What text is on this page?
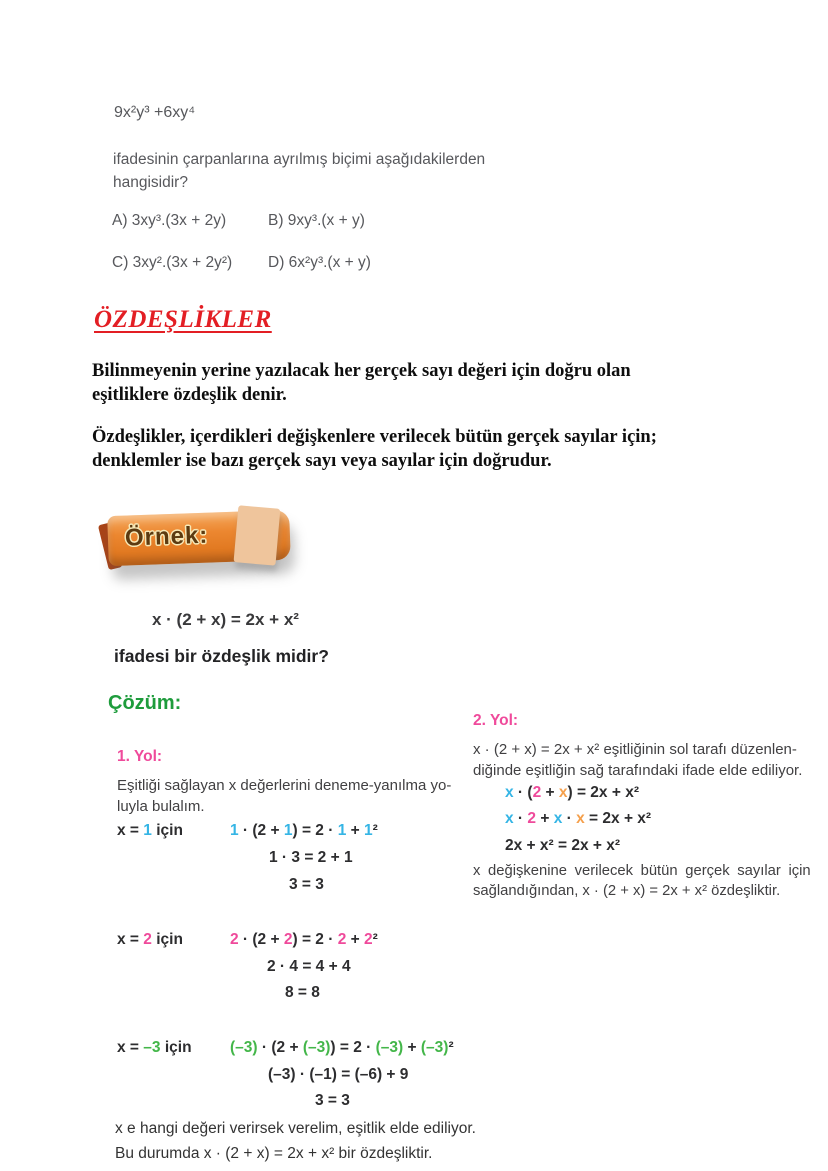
9x²y³ +6xy⁴
ifadesinin çarpanlarına ayrılmış biçimi aşağıdakilerden
hangisidir?
A) 3xy³.(3x + 2y)	B) 9xy³.(x + y)
C) 3xy².(3x + 2y²)	D) 6x²y³.(x + y)
ÖZDEŞLİKLER
Bilinmeyenin yerine yazılacak her gerçek sayı değeri için doğru olan
eşitliklere özdeşlik denir.
Özdeşlikler, içerdikleri değişkenlere verilecek bütün gerçek sayılar için;
denklemler ise bazı gerçek sayı veya sayılar için doğrudur.
Örnek:
x · (2 + x) = 2x + x²
ifadesi bir özdeşlik midir?
Çözüm:
1. Yol:
Eşitliği sağlayan x değerlerini deneme-yanılma yo-
luyla bulalım.
x = 1 için	1 · (2 + 1) = 2 · 1 + 1²
1 · 3 = 2 + 1
3 = 3
x = 2 için	2 · (2 + 2) = 2 · 2 + 2²
2 · 4 = 4 + 4
8 = 8
x = –3 için (–3) · (2 + (–3)) = 2 · (–3) + (–3)²
(–3) · (–1) = (–6) + 9
3 = 3
x e hangi değeri verirsek verelim, eşitlik elde ediliyor.
Bu durumda x · (2 + x) = 2x + x² bir özdeşliktir.
2. Yol:
x · (2 + x) = 2x + x² eşitliğinin sol tarafı düzenlen-
diğinde eşitliğin sağ tarafındaki ifade elde ediliyor.
x · (2 + x) = 2x + x²
x · 2 + x · x = 2x + x²
2x + x² = 2x + x²
x değişkenine verilecek bütün gerçek sayılar için
sağlandığından, x · (2 + x) = 2x + x² özdeşliktir.
